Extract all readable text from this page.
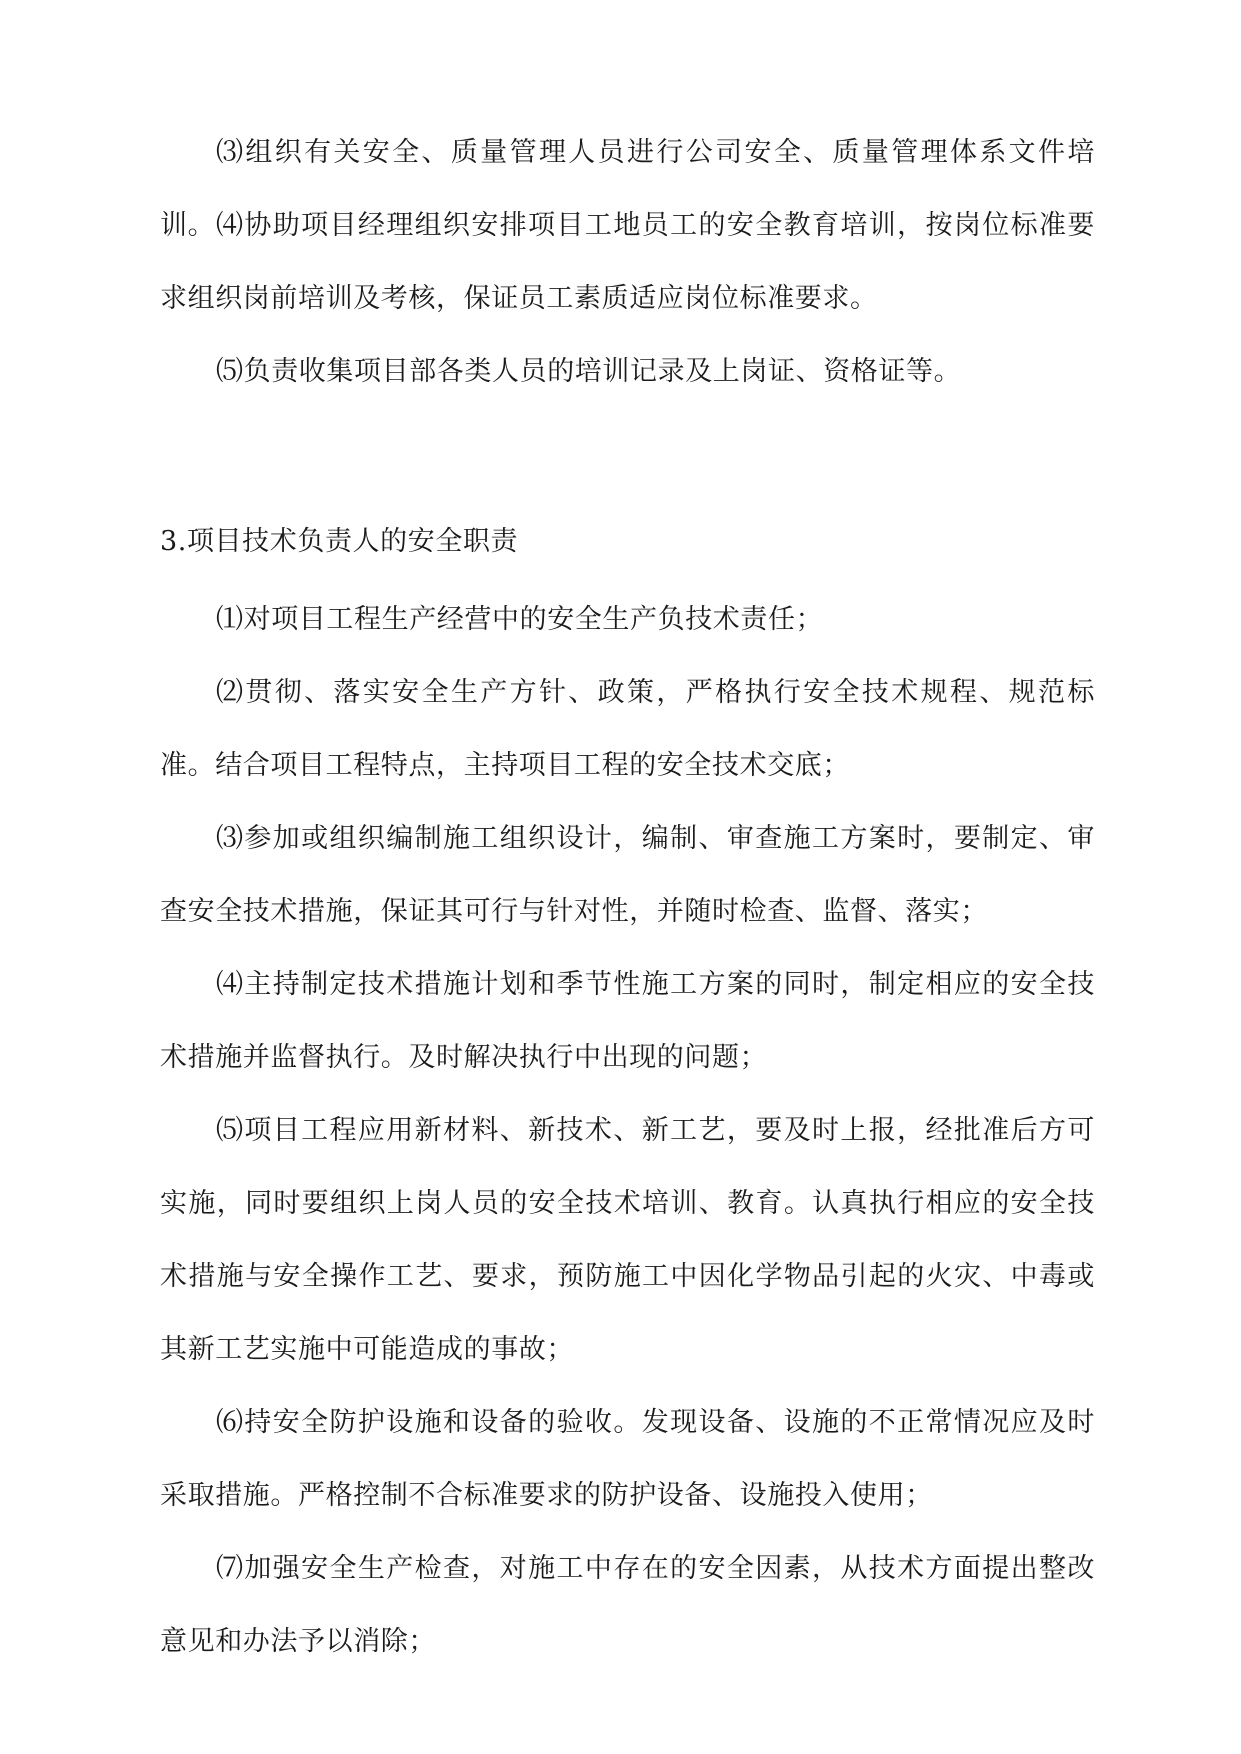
⑶组织有关安全、质量管理人员进行公司安全、质量管理体系文件培训。 ⑷协助项目经理组织安排项目工地员工的安全教育培训，按岗位标准要求组织岗前培训及考核，保证员工素质适应岗位标准要求。

⑸负责收集项目部各类人员的培训记录及上岗证、资格证等。

3.项目技术负责人的安全职责

⑴对项目工程生产经营中的安全生产负技术责任；

⑵贯彻、落实安全生产方针、政策，严格执行安全技术规程、规范标准。结合项目工程特点，主持项目工程的安全技术交底；

⑶参加或组织编制施工组织设计，编制、审查施工方案时，要制定、审查安全技术措施，保证其可行与针对性，并随时检查、监督、落实；

⑷主持制定技术措施计划和季节性施工方案的同时，制定相应的安全技术措施并监督执行。及时解决执行中出现的问题；

⑸项目工程应用新材料、新技术、新工艺，要及时上报，经批准后方可实施，同时要组织上岗人员的安全技术培训、教育。认真执行相应的安全技术措施与安全操作工艺、要求，预防施工中因化学物品引起的火灾、中毒或其新工艺实施中可能造成的事故；

⑹持安全防护设施和设备的验收。发现设备、设施的不正常情况应及时采取措施。严格控制不合标准要求的防护设备、设施投入使用；

⑺加强安全生产检查，对施工中存在的安全因素，从技术方面提出整改意见和办法予以消除；
